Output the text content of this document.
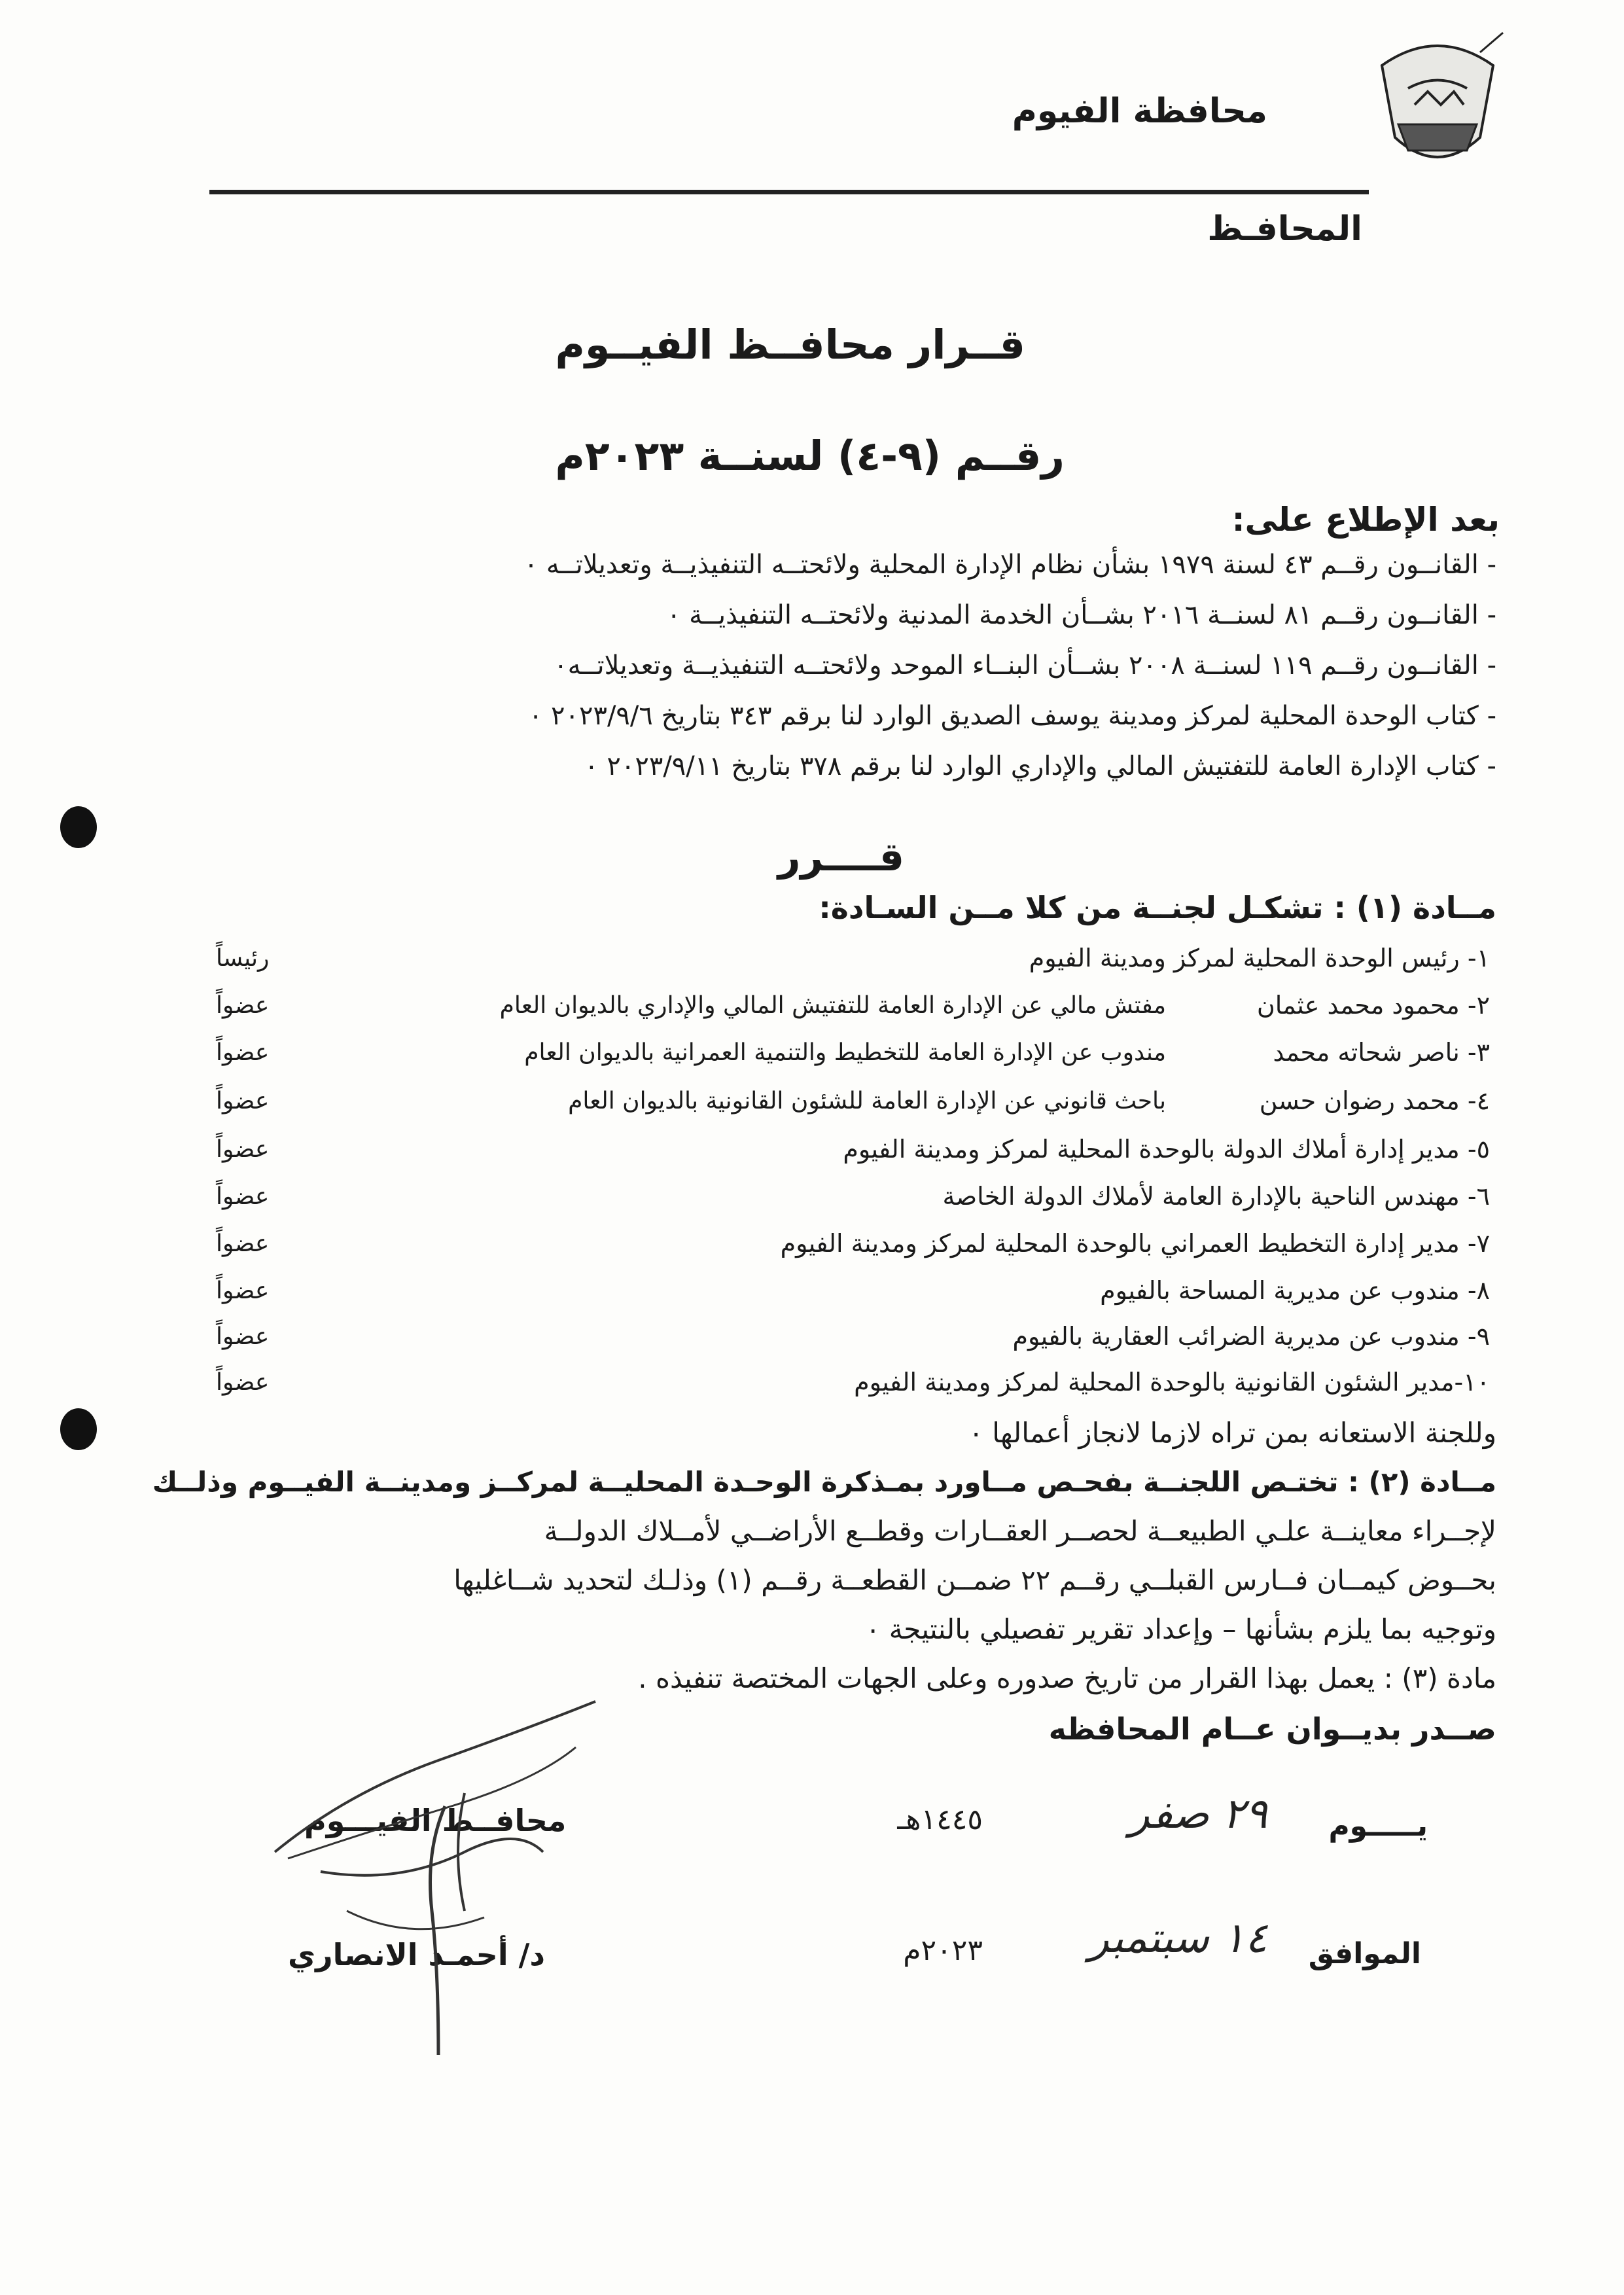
محافظة الفيوم
المحافـظ
قــرار محافــظ الفيــوم
رقــم (٩-٤) لسنــة ٢٠٢٣م
بعد الإطلاع على:
- القانــون رقــم ٤٣ لسنة ١٩٧٩ بشأن نظام الإدارة المحلية ولائحتــه التنفيذيــة وتعديلاتــه ٠
- القانــون رقــم ٨١ لسنــة ٢٠١٦ بشــأن الخدمة المدنية ولائحتــه التنفيذيــة ٠
- القانــون رقــم ١١٩ لسنــة ٢٠٠٨ بشــأن البنــاء الموحد ولائحتــه التنفيذيــة وتعديلاتــه٠
- كتاب الوحدة المحلية لمركز ومدينة يوسف الصديق الوارد لنا برقم ٣٤٣ بتاريخ ٢٠٢٣/٩/٦ ٠
- كتاب الإدارة العامة للتفتيش المالي والإداري الوارد لنا برقم ٣٧٨ بتاريخ ٢٠٢٣/٩/١١ ٠
قــــرر
مــادة (١) : تشكـل لجنــة من كلا مــن السـادة:
١- رئيس الوحدة المحلية لمركز ومدينة الفيوم
رئيساً
٢- محمود محمد عثمان
مفتش مالي عن الإدارة العامة للتفتيش المالي والإداري بالديوان العام
عضواً
٣- ناصر شحاته محمد
مندوب عن الإدارة العامة للتخطيط والتنمية العمرانية بالديوان العام
عضواً
٤- محمد رضوان حسن
باحث قانوني عن الإدارة العامة للشئون القانونية بالديوان العام
عضواً
٥- مدير إدارة أملاك الدولة بالوحدة المحلية لمركز ومدينة الفيوم
عضواً
٦- مهندس الناحية بالإدارة العامة لأملاك الدولة الخاصة
عضواً
٧- مدير إدارة التخطيط العمراني بالوحدة المحلية لمركز ومدينة الفيوم
عضواً
٨- مندوب عن مديرية المساحة بالفيوم
عضواً
٩- مندوب عن مديرية الضرائب العقارية بالفيوم
عضواً
١٠-مدير الشئون القانونية بالوحدة المحلية لمركز ومدينة الفيوم
عضواً
وللجنة الاستعانه بمن تراه لازما لانجاز أعمالها ٠
مــادة (٢) : تختـص اللجنــة بفحـص مــاورد بمـذكرة الوحـدة المحليــة لمركــز ومدينــة الفيــوم وذلــك
لإجــراء معاينــة علـي الطبيعــة لحصــر العقــارات وقطــع الأراضــي لأمــلاك الدولــة
بحــوض كيمــان فــارس القبلــي رقــم ٢٢ ضمــن القطعــة رقــم (١) وذلـك لتحديد شــاغليها
وتوجيه بما يلزم بشأنها – وإعداد تقرير تفصيلي بالنتيجة ٠
مادة (٣) : يعمل بهذا القرار من تاريخ صدوره وعلى الجهات المختصة تنفيذه .
صــدر بديــوان عــام المحافظه
يـــــوم
٢٩ صفر
١٤٤٥هـ
الموافق
١٤ سبتمبر
٢٠٢٣م
محافــظ الفيـــوم
د/ أحمـد الانصاري
